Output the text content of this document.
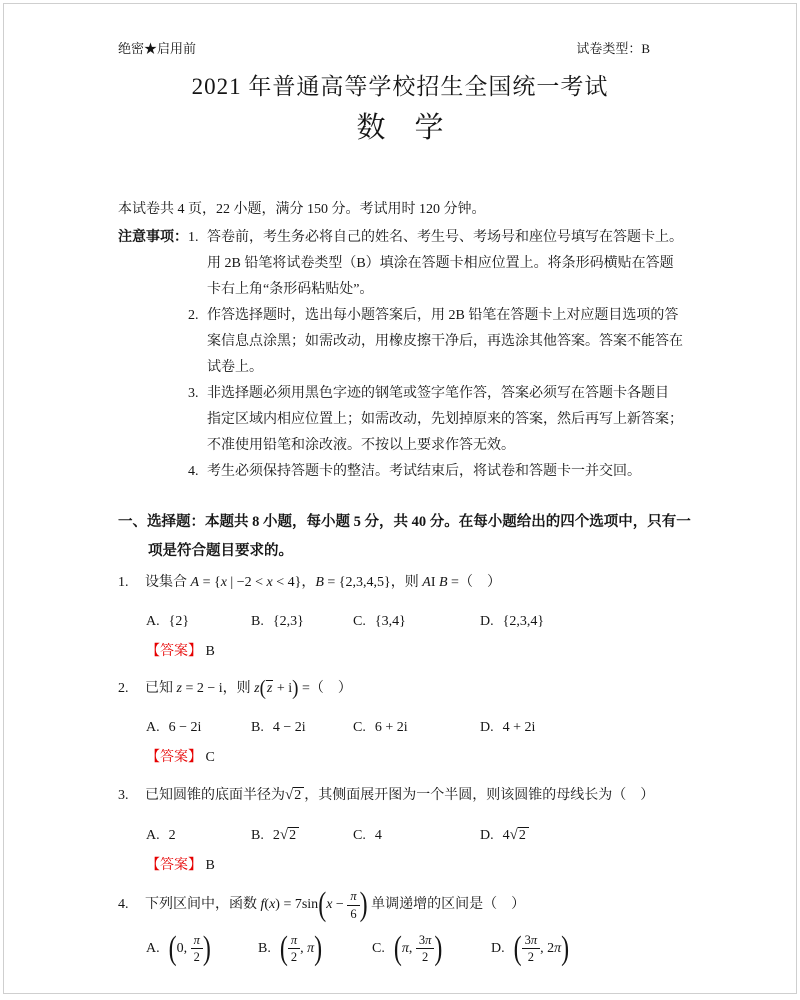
绝密★启用前	试卷类型：B
2021 年普通高等学校招生全国统一考试
数　学
本试卷共 4 页，22 小题，满分 150 分。考试用时 120 分钟。
注意事项： 1. 答卷前，考生务必将自己的姓名、考生号、考场号和座位号填写在答题卡上。
用 2B 铅笔将试卷类型（B）填涂在答题卡相应位置上。将条形码横贴在答题
卡右上角“条形码粘贴处”。
2. 作答选择题时，选出每小题答案后，用 2B 铅笔在答题卡上对应题目选项的答
案信息点涂黑；如需改动，用橡皮擦干净后，再选涂其他答案。答案不能答在
试卷上。
3. 非选择题必须用黑色字迹的钢笔或签字笔作答，答案必须写在答题卡各题目
指定区域内相应位置上；如需改动，先划掉原来的答案，然后再写上新答案；
不准使用铅笔和涂改液。不按以上要求作答无效。
4. 考生必须保持答题卡的整洁。考试结束后，将试卷和答题卡一并交回。
一、选择题：本题共 8 小题，每小题 5 分，共 40 分。在每小题给出的四个选项中，只有一
项是符合题目要求的。
1. 设集合 A = {x | −2 < x < 4}，B = {2,3,4,5}，则 AI B =（　）
A. {2}	B. {2,3}	C. {3,4}	D. {2,3,4}
【答案】 B
2. 已知 z = 2 − i，则 z ( z + i ) =（　）
A. 6 − 2i	B. 4 − 2i	C. 6 + 2i	D. 4 + 2i
【答案】 C
3. 已知圆锥的底面半径为√2 ，其侧面展开图为一个半圆，则该圆锥的母线长为（　）
A. 2	B. 2√2	C. 4	D. 4√2
【答案】 B
4. 下列区间中，函数 f(x) = 7sin ( $x - \frac{\pi}{6}$ ) 单调递增的区间是（　）
A. ( 0, $\frac{\pi}{2}$ )	B. ( $\frac{\pi}{2}$ , π )	C. ( π, $\frac{3\pi}{2}$ )	D. ( $\frac{3\pi}{2}$ , 2π )
